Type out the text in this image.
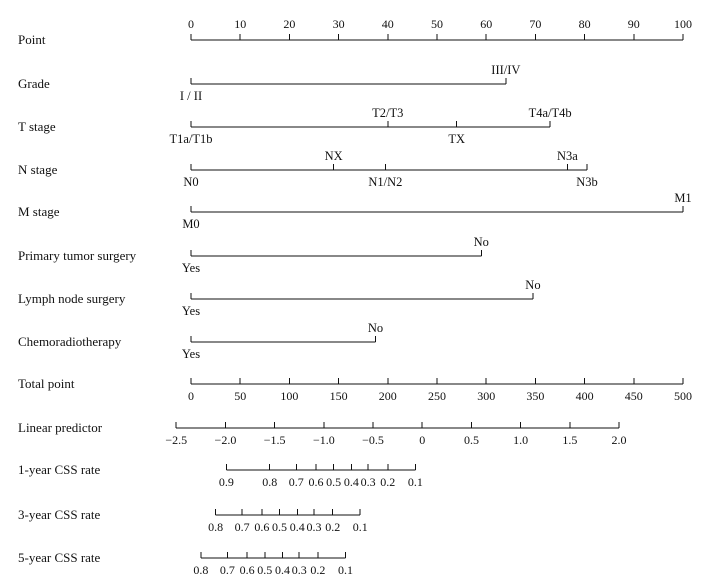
Point
0	10	20	30	40	50	60	70	80	90	100
Grade
I / II
III/IV
T stage
T1a/T1b
T2/T3
TX
T4a/T4b
N stage
N0
NX
N1/N2
N3a
N3b
M stage
M0
M1
Primary tumor surgery
Yes
No
Lymph node surgery
Yes
No
Chemoradiotherapy
Yes
No
Total point
0	50	100	150	200	250	300	350	400	450	500
Linear predictor
−2.5 −2.0 −1.5 −1.0 −0.5	0	0.5	1.0	1.5	2.0
1-year CSS rate
0.9 0.8 0.7 0.6 0.5 0.4 0.3 0.2 0.1
3-year CSS rate
0.8 0.7 0.6 0.5 0.4 0.3 0.2 0.1
5-year CSS rate
0.8 0.7 0.6 0.5 0.4 0.3 0.2 0.1
